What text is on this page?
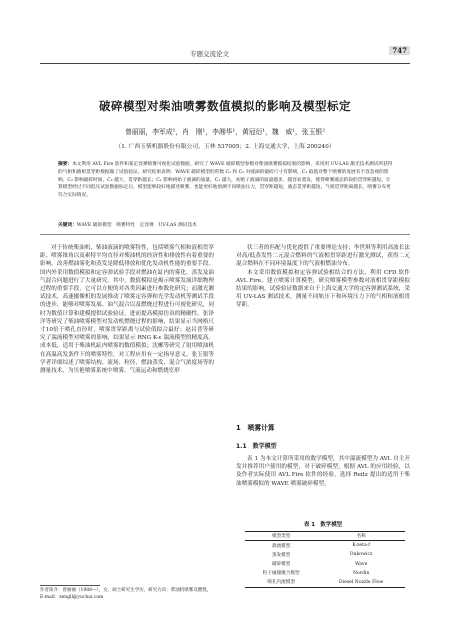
专题交流论文	747
破碎模型对柴油喷雾数值模拟的影响及模型标定
曾丽丽，李军成¹，肖　刚¹，李湘华¹，黄冠衍¹，魏　威¹，张玉银²
（1. 广西玉柴机器股份有限公司，玉林 537005；2. 上海交通大学，上海 200240）
摘要：本文利用 AVL Fire 软件和某定容弹喷雾可视化试验数据，研究了 WAVE 破碎模型参数对柴油喷雾模拟结果的影响，采用用 UV-LAS 激光技术测试所获得的气相和液相贯穿距数据做了试验验证。研究结果表明：WAVE 破碎模型的常数 C₁ 和 C₂ 对液滴的破碎尺寸有影响，C₁ 取值对整个喷雾的发展有不容忽视的影响，C₂ 影响破碎时间，C₂ 越大，贯穿距越长；C₁ 影响初始子液滴的质量，C₁ 越大，初始子液滴的质量越多，越容易蒸发，使得喷雾液态阶段的贯穿距越短。计算模型经过不同低压试验数据标定后，模型能够较好地描述喷雾，也能更好地预测不同喷油压力，贯穿距越短，液态贯穿距越短，气相贯穿距离越长，喷雾分布更符合实际情况。
关键词：WAVE 破碎模型　喷雾特性　定容弹　UV-LAS 测试技术

对于传统柴油机，柴油液滴的喷雾特性，包括喷雾气相和液相贯穿距、喷雾锥角以及索特平均直径对柴油机的经济性和排放性有着重要的影响。改善燃油雾化和蒸发是降低排放和优化发动机性能的重要手段。国内外采用数值模拟和定容弹试验手段对燃油在缸内的雾化、蒸发及油气混合问题进行了大量研究。其中，数值模拟是揭示喷雾发展详细物理过程的重要手段，它可以方便的对各类因素进行参数化研究；而激光测试技术，高速摄像机的发展推动了喷雾定容弹和光学发动机等测试手段的进步，能够对喷雾发展、油气混合以及燃烧过程进行可视化研究，同时为数值计算和建模提供试验验证，进而提高模拟仿真的精确性。张泽洋等研究了柴油喷雾模型对发动机燃烧过程的影响，结果显示当网格尺寸10倍于喷孔直径时，喷雾贯穿距离与试验值拟合最好；赵昌普等研究了湍流模型对喷雾的影响，结果显示 RNG K-ε 湍流模型的精度高、成本低，适用于柴油机缸内喷雾的数值模拟；沈郴等研究了射用喷油机在高温高发条件下的喷雾特性，对工程应用有一定指导意义。张玉银等学者详细综述了喷雾结构、流场、粒径、燃油蒸发、混合气浓度场等的测量技术，为贝艳喷雾系统中喷雾、气流运动和燃烧室形

状三者的匹配与优化提供了重要理论支持；李世琪等利用高波长法对高/低蒸发性二元混合燃料的气液相贯穿距进行激光测试，获得二元混合燃料在不同环境温度下的气液相燃油分布。

本文采用数值模拟和定容弹试验相结合的方法，利用 CFD 软件 AVL Fire，建立喷雾计算模型，研究喷雾模型参数对液相贯穿距模拟结果的影响，试验验证数据来自于上海交通大学的定容弹测试系统，采用 UV-LAS 测试技术，测量不同轨压下和环境压力下的气相和液相贯穿距。

1　喷雾计算
1.1　数学模型

表 1 为本文计算所采用的数学模型，其中湍流模型为 AVL 自主开发并推荐用户使用的模型，对于破碎模型，根据 AVL 的应用经验，以及作者实际使用 AVL Fire 软件的经验，选择 Reitz 提出的适用于柴油喷雾模拟的 WAVE 喷雾破碎模型。

表 1　数学模型
模型类型	名称
湍流模型	K-zeta-f
蒸发模型	Dukowicz
破碎模型	Wave
粒子碰撞聚合模型	Nordin
喷孔内流模型	Diesel Nozzle Flow
作者简介：曾丽丽（1988—），女，硕士研究生学历，研究方向：柴油机喷雾及燃烧。
E-mail：zengll@yuchai.com
